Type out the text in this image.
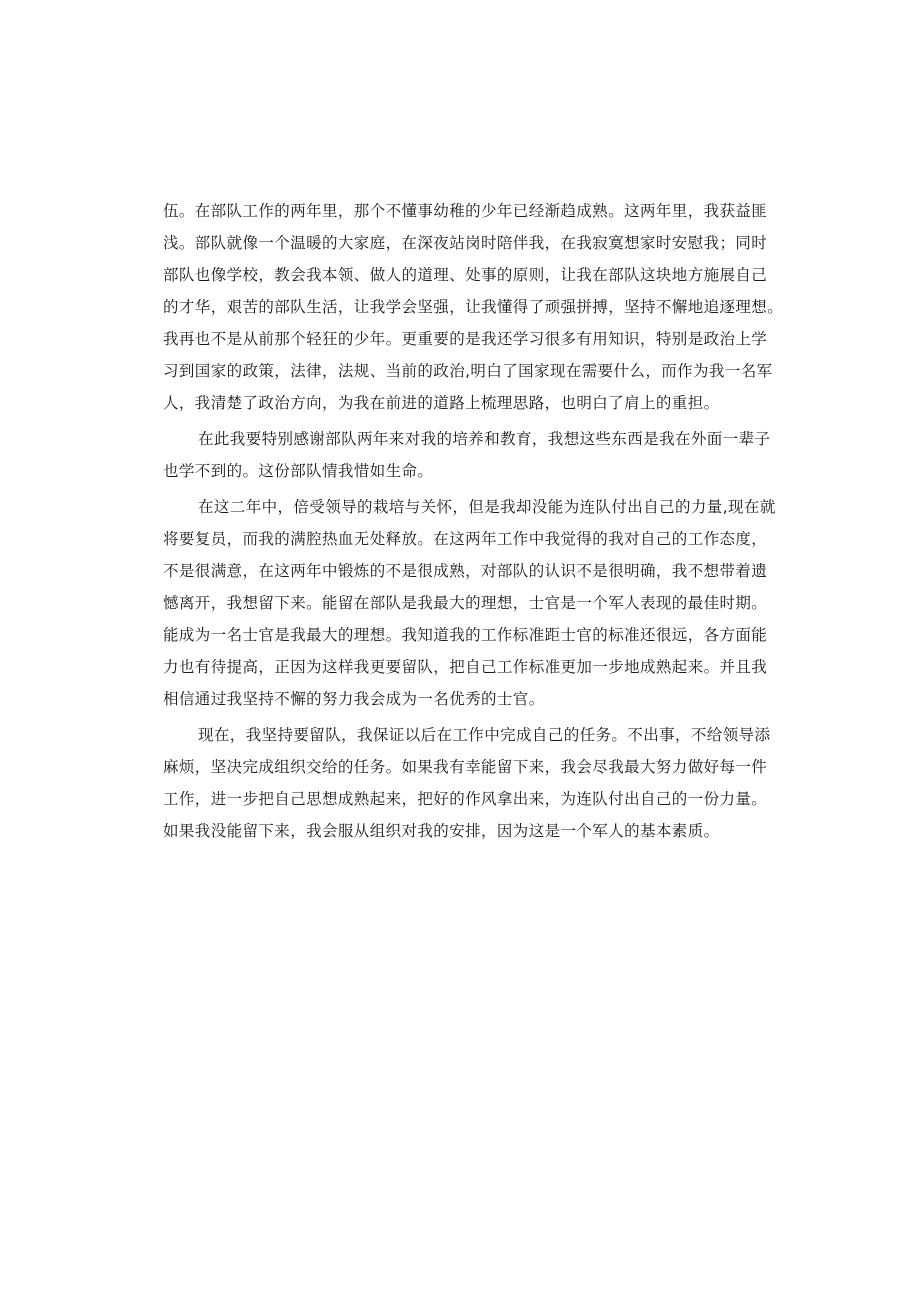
伍。在部队工作的两年里，那个不懂事幼稚的少年已经渐趋成熟。这两年里，我获益匪
浅。部队就像一个温暖的大家庭，在深夜站岗时陪伴我，在我寂寞想家时安慰我；同时
部队也像学校，教会我本领、做人的道理、处事的原则，让我在部队这块地方施展自己
的才华，艰苦的部队生活，让我学会坚强，让我懂得了顽强拼搏，坚持不懈地追逐理想。
我再也不是从前那个轻狂的少年。更重要的是我还学习很多有用知识，特别是政治上学
习到国家的政策，法律，法规、当前的政治,明白了国家现在需要什么，而作为我一名军
人，我清楚了政治方向，为我在前进的道路上梳理思路，也明白了肩上的重担。
在此我要特别感谢部队两年来对我的培养和教育，我想这些东西是我在外面一辈子
也学不到的。这份部队情我惜如生命。
在这二年中，倍受领导的栽培与关怀，但是我却没能为连队付出自己的力量,现在就
将要复员，而我的满腔热血无处释放。在这两年工作中我觉得的我对自己的工作态度，
不是很满意，在这两年中锻炼的不是很成熟，对部队的认识不是很明确，我不想带着遗
憾离开，我想留下来。能留在部队是我最大的理想，士官是一个军人表现的最佳时期。
能成为一名士官是我最大的理想。我知道我的工作标准距士官的标准还很远，各方面能
力也有待提高，正因为这样我更要留队，把自己工作标准更加一步地成熟起来。并且我
相信通过我坚持不懈的努力我会成为一名优秀的士官。
现在，我坚持要留队，我保证以后在工作中完成自己的任务。不出事，不给领导添
麻烦，坚决完成组织交给的任务。如果我有幸能留下来，我会尽我最大努力做好每一件
工作，进一步把自己思想成熟起来，把好的作风拿出来，为连队付出自己的一份力量。
如果我没能留下来，我会服从组织对我的安排，因为这是一个军人的基本素质。
